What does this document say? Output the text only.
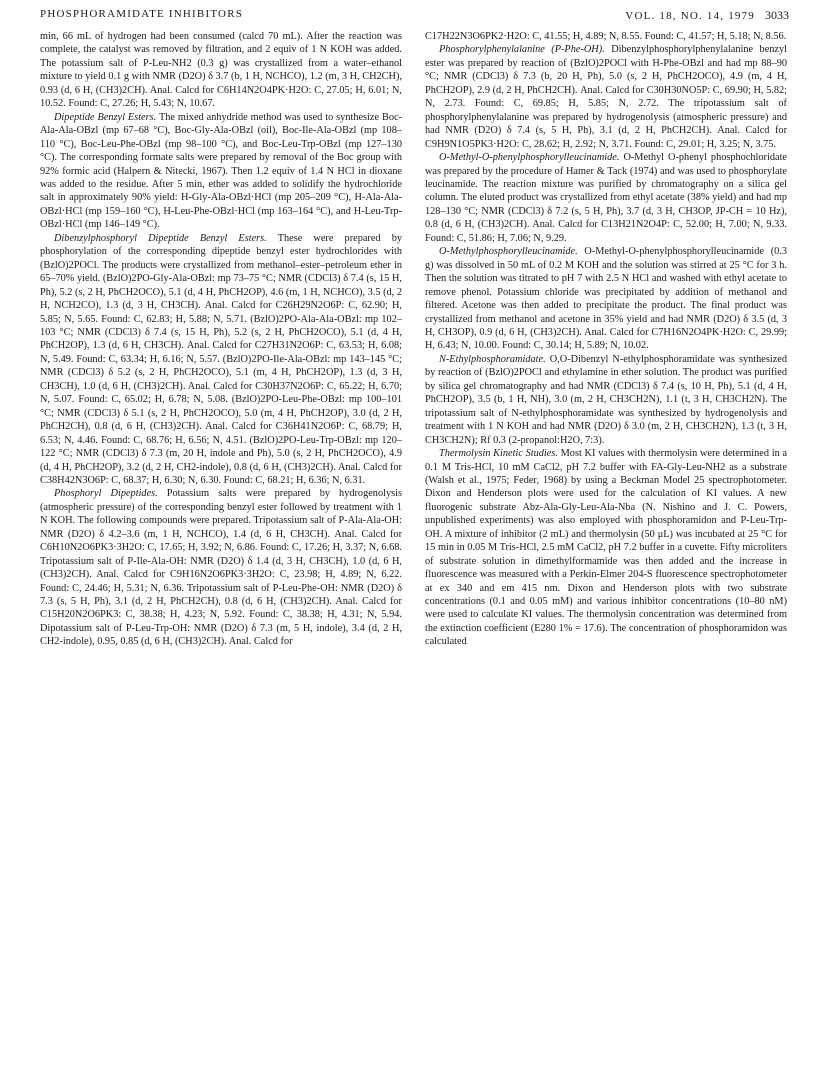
PHOSPHORAMIDATE INHIBITORS	VOL. 18, NO. 14, 1979 3033

min, 66 mL of hydrogen had been consumed (calcd 70 mL). After the reaction was complete, the catalyst was removed by filtration, and 2 equiv of 1 N KOH was added. The potassium salt of P-Leu-NH2 (0.3 g) was crystallized from a water–ethanol mixture to yield 0.1 g with NMR (D2O) δ 3.7 (b, 1 H, NCHCO), 1.2 (m, 3 H, CH2CH), 0.93 (d, 6 H, (CH3)2CH). Anal. Calcd for C6H14N2O4PK·H2O: C, 27.05; H, 6.01; N, 10.52. Found: C, 27.26; H, 5.43; N, 10.67.

Dipeptide Benzyl Esters. The mixed anhydride method was used to synthesize Boc-Ala-Ala-OBzl (mp 67–68 °C), Boc-Gly-Ala-OBzl (oil), Boc-Ile-Ala-OBzl (mp 108–110 °C), Boc-Leu-Phe-OBzl (mp 98–100 °C), and Boc-Leu-Trp-OBzl (mp 127–130 °C). The corresponding formate salts were prepared by removal of the Boc group with 92% formic acid (Halpern & Nitecki, 1967). Then 1.2 equiv of 1.4 N HCl in dioxane was added to the residue. After 5 min, ether was added to solidify the hydrochloride salt in approximately 90% yield: H-Gly-Ala-OBzl·HCl (mp 205–209 °C), H-Ala-Ala-OBzl·HCl (mp 159–160 °C), H-Leu-Phe-OBzl·HCl (mp 163–164 °C), and H-Leu-Trp-OBzl·HCl (mp 146–149 °C).

Dibenzylphosphoryl Dipeptide Benzyl Esters. These were prepared by phosphorylation of the corresponding dipeptide benzyl ester hydrochlorides with (BzlO)2POCl. The products were crystallized from methanol–ester–petroleum ether in 65–70% yield. (BzlO)2PO-Gly-Ala-OBzl: mp 73–75 °C; NMR (CDCl3) δ 7.4 (s, 15 H, Ph), 5.2 (s, 2 H, PhCH2OCO), 5.1 (d, 4 H, PhCH2OP), 4.6 (m, 1 H, NCHCO), 3.5 (d, 2 H, NCH2CO), 1.3 (d, 3 H, CH3CH). Anal. Calcd for C26H29N2O6P: C, 62.90; H, 5.85; N, 5.65. Found: C, 62.83; H, 5.88; N, 5.71. (BzlO)2PO-Ala-Ala-OBzl: mp 102–103 °C; NMR (CDCl3) δ 7.4 (s, 15 H, Ph), 5.2 (s, 2 H, PhCH2OCO), 5.1 (d, 4 H, PhCH2OP), 1.3 (d, 6 H, CH3CH). Anal. Calcd for C27H31N2O6P: C, 63.53; H, 6.08; N, 5.49. Found: C, 63.34; H, 6.16; N, 5.57. (BzlO)2PO-Ile-Ala-OBzl: mp 143–145 °C; NMR (CDCl3) δ 5.2 (s, 2 H, PhCH2OCO), 5.1 (m, 4 H, PhCH2OP), 1.3 (d, 3 H, CH3CH), 1.0 (d, 6 H, (CH3)2CH). Anal. Calcd for C30H37N2O6P: C, 65.22; H, 6.70; N, 5.07. Found: C, 65.02; H, 6.78; N, 5.08. (BzlO)2PO-Leu-Phe-OBzl: mp 100–101 °C; NMR (CDCl3) δ 5.1 (s, 2 H, PhCH2OCO), 5.0 (m, 4 H, PhCH2OP), 3.0 (d, 2 H, PhCH2CH), 0.8 (d, 6 H, (CH3)2CH). Anal. Calcd for C36H41N2O6P: C, 68.79; H, 6.53; N, 4.46. Found: C, 68.76; H, 6.56; N, 4.51. (BzlO)2PO-Leu-Trp-OBzl: mp 120–122 °C; NMR (CDCl3) δ 7.3 (m, 20 H, indole and Ph), 5.0 (s, 2 H, PhCH2OCO), 4.9 (d, 4 H, PhCH2OP), 3.2 (d, 2 H, CH2-indole), 0.8 (d, 6 H, (CH3)2CH). Anal. Calcd for C38H42N3O6P: C, 68.37; H, 6.30; N, 6.30. Found: C, 68.21; H, 6.36; N, 6.31.

Phosphoryl Dipeptides. Potassium salts were prepared by hydrogenolysis (atmospheric pressure) of the corresponding benzyl ester followed by treatment with 1 N KOH. The following compounds were prepared. Tripotassium salt of P-Ala-Ala-OH: NMR (D2O) δ 4.2–3.6 (m, 1 H, NCHCO), 1.4 (d, 6 H, CH3CH). Anal. Calcd for C6H10N2O6PK3·3H2O: C, 17.65; H, 3.92; N, 6.86. Found: C, 17.26; H, 3.37; N, 6.68. Tripotassium salt of P-Ile-Ala-OH: NMR (D2O) δ 1.4 (d, 3 H, CH3CH), 1.0 (d, 6 H, (CH3)2CH). Anal. Calcd for C9H16N2O6PK3·3H2O: C, 23.98; H, 4.89; N, 6.22. Found: C, 24.46; H, 5.31; N, 6.36. Tripotassium salt of P-Leu-Phe-OH: NMR (D2O) δ 7.3 (s, 5 H, Ph), 3.1 (d, 2 H, PhCH2CH), 0.8 (d, 6 H, (CH3)2CH). Anal. Calcd for C15H20N2O6PK3: C, 38.38; H, 4.23; N, 5.92. Found: C, 38.38; H, 4.31; N, 5.94. Dipotassium salt of P-Leu-Trp-OH: NMR (D2O) δ 7.3 (m, 5 H, indole), 3.4 (d, 2 H, CH2-indole), 0.95, 0.85 (d, 6 H, (CH3)2CH). Anal. Calcd for

C17H22N3O6PK2·H2O: C, 41.55; H, 4.89; N, 8.55. Found: C, 41.57; H, 5.18; N, 8.56.

Phosphorylphenylalanine (P-Phe-OH). Dibenzylphosphorylphenylalanine benzyl ester was prepared by reaction of (BzlO)2POCl with H-Phe-OBzl and had mp 88–90 °C; NMR (CDCl3) δ 7.3 (b, 20 H, Ph), 5.0 (s, 2 H, PhCH2OCO), 4.9 (m, 4 H, PhCH2OP), 2.9 (d, 2 H, PhCH2CH). Anal. Calcd for C30H30NO5P: C, 69.90; H, 5.82; N, 2.73. Found: C, 69.85; H, 5.85; N, 2.72. The tripotassium salt of phosphorylphenylalanine was prepared by hydrogenolysis (atmospheric pressure) and had NMR (D2O) δ 7.4 (s, 5 H, Ph), 3.1 (d, 2 H, PhCH2CH). Anal. Calcd for C9H9N1O5PK3·H2O: C, 28.62; H, 2.92; N, 3.71. Found: C, 29.01; H, 3.25; N, 3.75.

O-Methyl-O-phenylphosphorylleucinamide. O-Methyl O-phenyl phosphochloridate was prepared by the procedure of Hamer & Tack (1974) and was used to phosphorylate leucinamide. The reaction mixture was purified by chromatography on a silica gel column. The eluted product was crystallized from ethyl acetate (38% yield) and had mp 128–130 °C; NMR (CDCl3) δ 7.2 (s, 5 H, Ph), 3.7 (d, 3 H, CH3OP, JP-CH = 10 Hz), 0.8 (d, 6 H, (CH3)2CH). Anal. Calcd for C13H21N2O4P: C, 52.00; H, 7.00; N, 9.33. Found: C, 51.86; H, 7.06; N, 9.29.

O-Methylphosphorylleucinamide. O-Methyl-O-phenylphosphorylleucinamide (0.3 g) was dissolved in 50 mL of 0.2 M KOH and the solution was stirred at 25 °C for 3 h. Then the solution was titrated to pH 7 with 2.5 N HCl and washed with ethyl acetate to remove phenol. Potassium chloride was precipitated by addition of methanol and filtered. Acetone was then added to precipitate the product. The final product was crystallized from methanol and acetone in 35% yield and had NMR (D2O) δ 3.5 (d, 3 H, CH3OP), 0.9 (d, 6 H, (CH3)2CH). Anal. Calcd for C7H16N2O4PK·H2O: C, 29.99; H, 6.43; N, 10.00. Found: C, 30.14; H, 5.89; N, 10.02.

N-Ethylphosphoramidate. O,O-Dibenzyl N-ethylphosphoramidate was synthesized by reaction of (BzlO)2POCl and ethylamine in ether solution. The product was purified by silica gel chromatography and had NMR (CDCl3) δ 7.4 (s, 10 H, Ph), 5.1 (d, 4 H, PhCH2OP), 3.5 (b, 1 H, NH), 3.0 (m, 2 H, CH3CH2N), 1.1 (t, 3 H, CH3CH2N). The tripotassium salt of N-ethylphosphoramidate was synthesized by hydrogenolysis and treatment with 1 N KOH and had NMR (D2O) δ 3.0 (m, 2 H, CH3CH2N), 1.3 (t, 3 H, CH3CH2N); Rf 0.3 (2-propanol:H2O, 7:3).

Thermolysin Kinetic Studies. Most KI values with thermolysin were determined in a 0.1 M Tris-HCl, 10 mM CaCl2, pH 7.2 buffer with FA-Gly-Leu-NH2 as a substrate (Walsh et al., 1975; Feder, 1968) by using a Beckman Model 25 spectrophotometer. Dixon and Henderson plots were used for the calculation of KI values. A new fluorogenic substrate Abz-Ala-Gly-Leu-Ala-Nba (N. Nishino and J. C. Powers, unpublished experiments) was also employed with phosphoramidon and P-Leu-Trp-OH. A mixture of inhibitor (2 mL) and thermolysin (50 μL) was incubated at 25 °C for 15 min in 0.05 M Tris-HCl, 2.5 mM CaCl2, pH 7.2 buffer in a cuvette. Fifty microliters of substrate solution in dimethylformamide was then added and the increase in fluorescence was measured with a Perkin-Elmer 204-S fluorescence spectrophotometer at ex 340 and em 415 nm. Dixon and Henderson plots with two substrate concentrations (0.1 and 0.05 mM) and various inhibitor concentrations (10–80 nM) were used to calculate KI values. The thermolysin concentration was determined from the extinction coefficient (E280 1% = 17.6). The concentration of phosphoramidon was calculated
